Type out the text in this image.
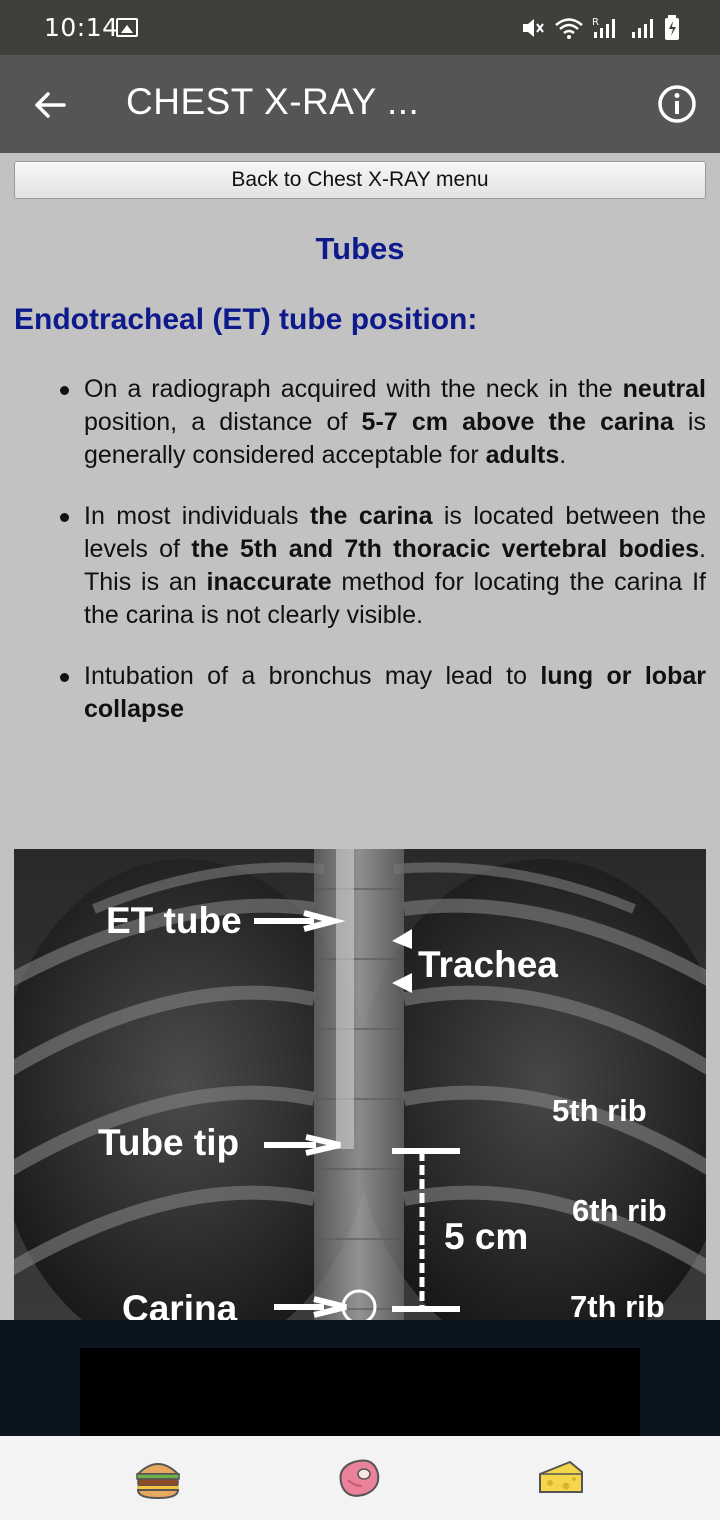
10:14	R
CHEST X-RAY ...
Back to Chest X-RAY menu
Tubes
Endotracheal (ET) tube position:
On a radiograph acquired with the neck in the neutral position, a distance of 5-7 cm above the carina is generally considered acceptable for adults.
In most individuals the carina is located between the levels of the 5th and 7th thoracic vertebral bodies. This is an inaccurate method for locating the carina If the carina is not clearly visible.
Intubation of a bronchus may lead to lung or lobar collapse
ET tube
Trachea
Tube tip
Carina
5th rib
6th rib
7th rib
5 cm
